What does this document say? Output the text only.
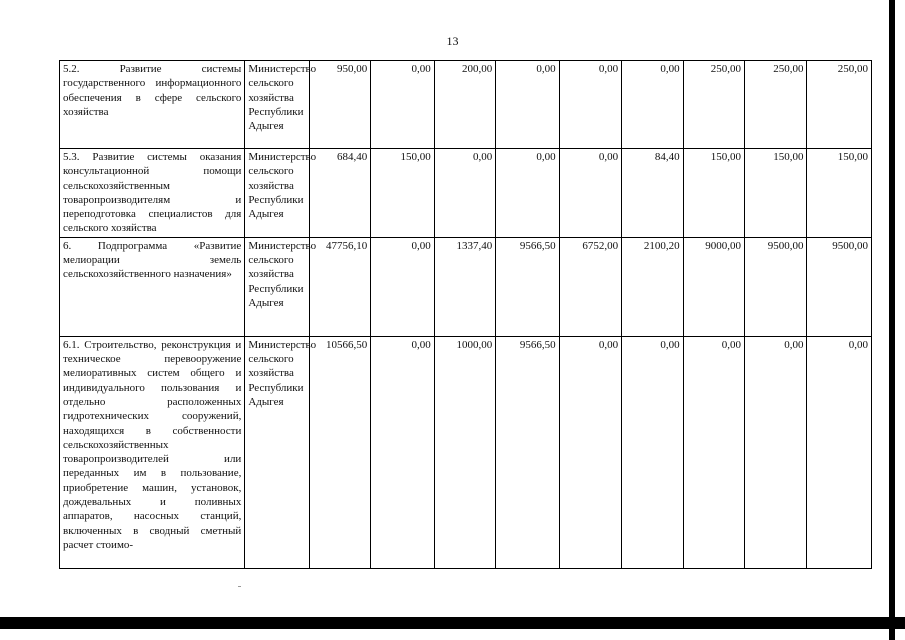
13
5.2. Развитие системы государственного информационного обеспечения в сфере сельского хозяйства	Министерство сельского хозяйства Республики Адыгея	950,00	0,00	200,00	0,00	0,00	0,00	250,00	250,00	250,00
5.3. Развитие системы оказания консультационной помощи сельскохозяйственным товаропроизводителям и переподготовка специалистов для сельского хозяйства	Министерство сельского хозяйства Республики Адыгея	684,40	150,00	0,00	0,00	0,00	84,40	150,00	150,00	150,00
6. Подпрограмма «Развитие мелиорации земель сельскохозяйственного назначения»	Министерство сельского хозяйства Республики Адыгея	47756,10	0,00	1337,40	9566,50	6752,00	2100,20	9000,00	9500,00	9500,00
6.1. Строительство, реконструкция и техническое перевооружение мелиоративных систем общего и индивидуального пользования и отдельно расположенных гидротехнических сооружений, находящихся в собственности сельскохозяйственных товаропроизводителей или переданных им в пользование, приобретение машин, установок, дождевальных и поливных аппаратов, насосных станций, включенных в сводный сметный расчет стоимо-	Министерство сельского хозяйства Республики Адыгея	10566,50	0,00	1000,00	9566,50	0,00	0,00	0,00	0,00	0,00
